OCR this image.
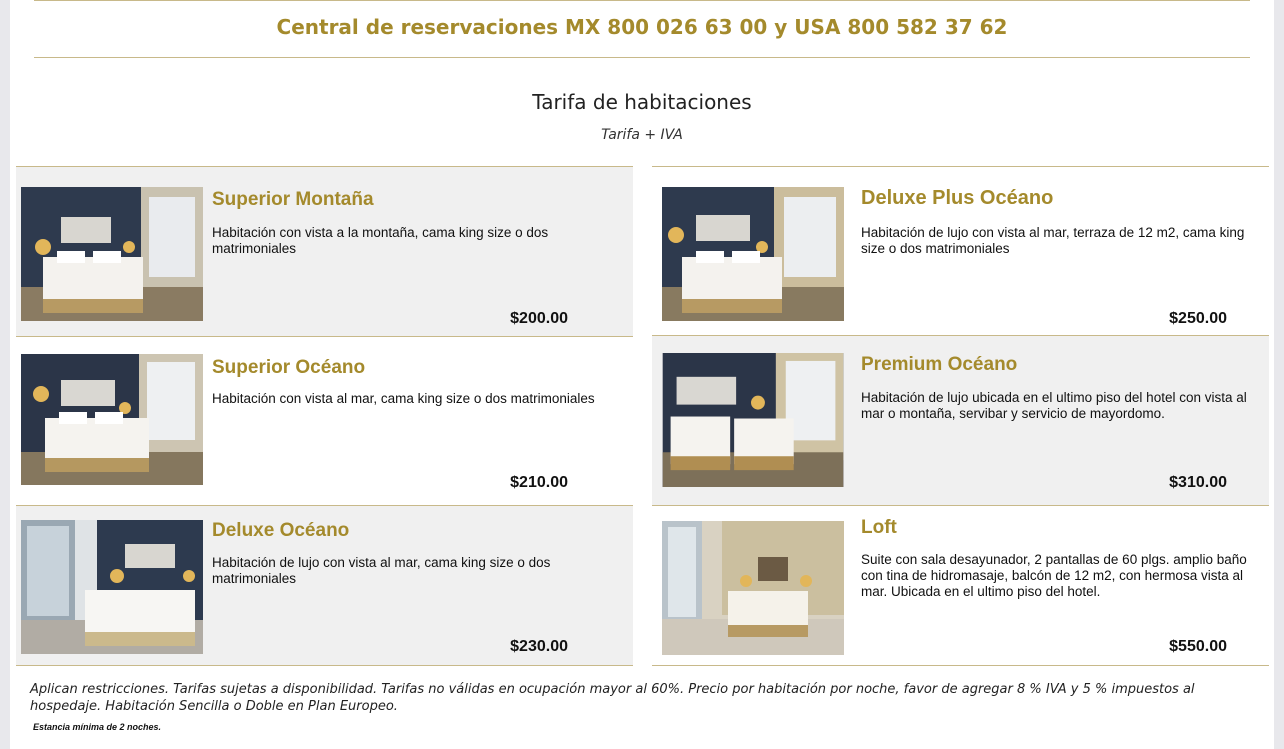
Central de reservaciones MX 800 026 63 00 y USA 800 582 37 62
Tarifa de habitaciones
Tarifa + IVA
Superior Montaña
Habitación con vista a la montaña, cama king size o dos matrimoniales
$200.00
Superior Océano
Habitación con vista al mar, cama king size o dos matrimoniales
$210.00
Deluxe Océano
Habitación de lujo con vista al mar, cama king size o dos matrimoniales
$230.00
Deluxe Plus Océano
Habitación de lujo con vista al mar, terraza de 12 m2, cama king size o dos matrimoniales
$250.00
Premium Océano
Habitación de lujo ubicada en el ultimo piso del hotel con vista al mar o montaña, servibar y servicio de mayordomo.
$310.00
Loft
Suite con sala desayunador, 2 pantallas de 60 plgs. amplio baño con tina de hidromasaje, balcón de 12 m2, con hermosa vista al mar. Ubicada en el ultimo piso del hotel.
$550.00
Aplican restricciones. Tarifas sujetas a disponibilidad. Tarifas no válidas en ocupación mayor al 60%. Precio por habitación por noche, favor de agregar 8 % IVA y 5 % impuestos al hospedaje. Habitación Sencilla o Doble en Plan Europeo.
Estancia mínima de 2 noches.
